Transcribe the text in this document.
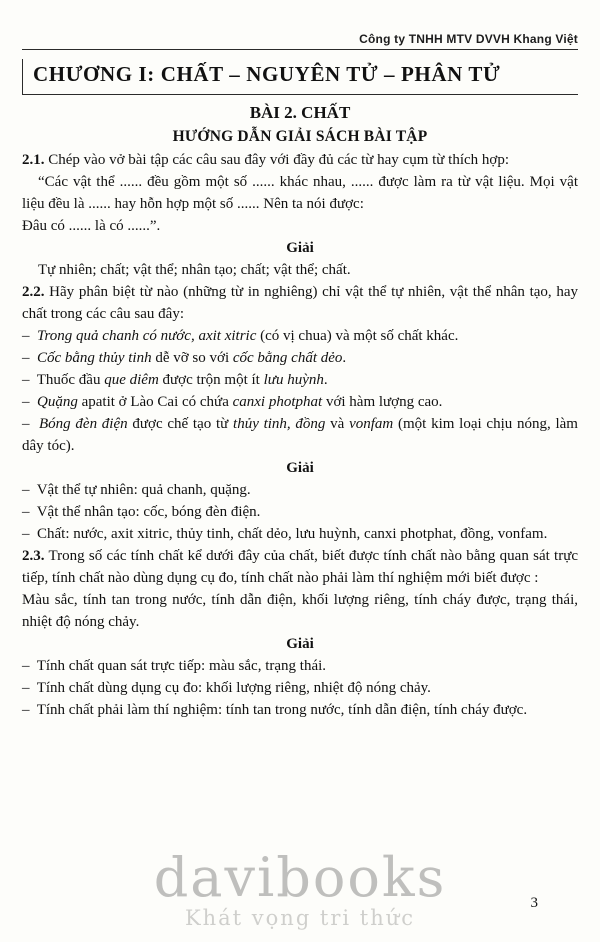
Công ty TNHH MTV DVVH Khang Việt
CHƯƠNG I: CHẤT – NGUYÊN TỬ – PHÂN TỬ
BÀI 2. CHẤT
HƯỚNG DẪN GIẢI SÁCH BÀI TẬP

2.1. Chép vào vở bài tập các câu sau đây với đầy đủ các từ hay cụm từ thích hợp:

“Các vật thể ...... đều gồm một số ...... khác nhau, ...... được làm ra từ vật liệu. Mọi vật liệu đều là ...... hay hỗn hợp một số ...... Nên ta nói được:

Đâu có ...... là có ......”.

Giải

Tự nhiên; chất; vật thể; nhân tạo; chất; vật thể; chất.

2.2. Hãy phân biệt từ nào (những từ in nghiêng) chỉ vật thể tự nhiên, vật thể nhân tạo, hay chất trong các câu sau đây:

–  Trong quả chanh có nước, axit xitric (có vị chua) và một số chất khác.

–  Cốc bằng thủy tinh dễ vỡ so với cốc bằng chất dẻo.

–  Thuốc đầu que diêm được trộn một ít lưu huỳnh.

–  Quặng apatit ở Lào Cai có chứa canxi photphat với hàm lượng cao.

–  Bóng đèn điện được chế tạo từ thủy tinh, đồng và vonfam (một kim loại chịu nóng, làm dây tóc).

Giải

–  Vật thể tự nhiên: quả chanh, quặng.

–  Vật thể nhân tạo: cốc, bóng đèn điện.

–  Chất: nước, axit xitric, thủy tinh, chất dẻo, lưu huỳnh, canxi photphat, đồng, vonfam.

2.3. Trong số các tính chất kể dưới đây của chất, biết được tính chất nào bằng quan sát trực tiếp, tính chất nào dùng dụng cụ đo, tính chất nào phải làm thí nghiệm mới biết được :

Màu sắc, tính tan trong nước, tính dẫn điện, khối lượng riêng, tính cháy được, trạng thái, nhiệt độ nóng chảy.

Giải

–  Tính chất quan sát trực tiếp: màu sắc, trạng thái.

–  Tính chất dùng dụng cụ đo: khối lượng riêng, nhiệt độ nóng chảy.

–  Tính chất phải làm thí nghiệm: tính tan trong nước, tính dẫn điện, tính cháy được.

davibooks
Khát vọng tri thức
3
